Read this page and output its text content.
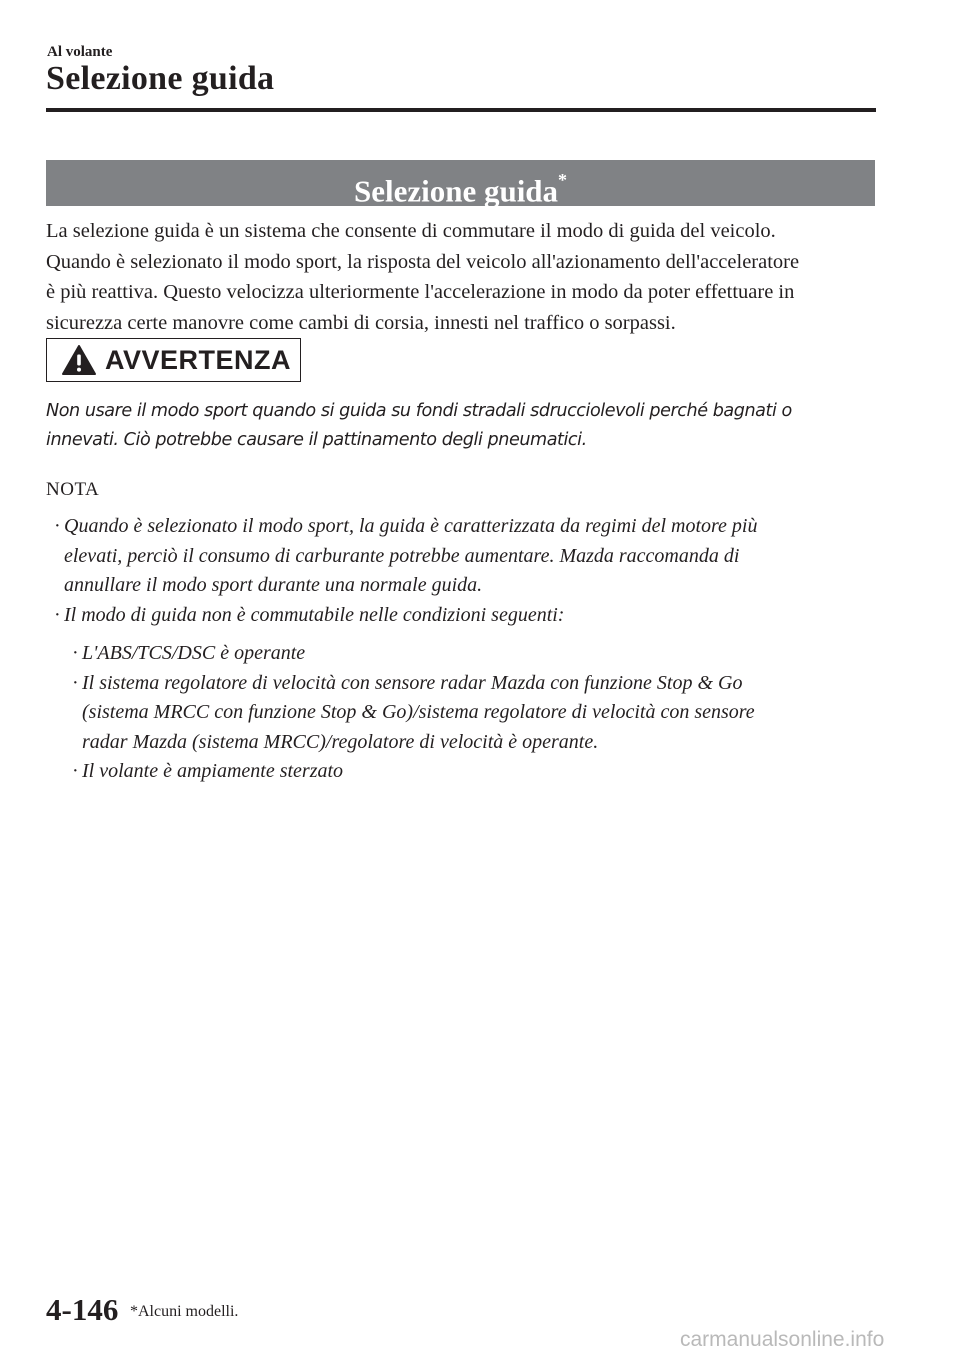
Al volante
Selezione guida
Selezione guida*

La selezione guida è un sistema che consente di commutare il modo di guida del veicolo.

Quando è selezionato il modo sport, la risposta del veicolo all'azionamento dell'acceleratore

è più reattiva. Questo velocizza ulteriormente l'accelerazione in modo da poter effettuare in

sicurezza certe manovre come cambi di corsia, innesti nel traffico o sorpassi.

AVVERTENZA
Non usare il modo sport quando si guida su fondi stradali sdrucciolevoli perché bagnati o
innevati. Ciò potrebbe causare il pattinamento degli pneumatici.
NOTA
· Quando è selezionato il modo sport, la guida è caratterizzata da regimi del motore più
elevati, perciò il consumo di carburante potrebbe aumentare. Mazda raccomanda di
annullare il modo sport durante una normale guida.
· Il modo di guida non è commutabile nelle condizioni seguenti:
· L'ABS/TCS/DSC è operante
· Il sistema regolatore di velocità con sensore radar Mazda con funzione Stop & Go
(sistema MRCC con funzione Stop & Go)/sistema regolatore di velocità con sensore
radar Mazda (sistema MRCC)/regolatore di velocità è operante.
· Il volante è ampiamente sterzato
4-146 *Alcuni modelli.
carmanualsonline.info
